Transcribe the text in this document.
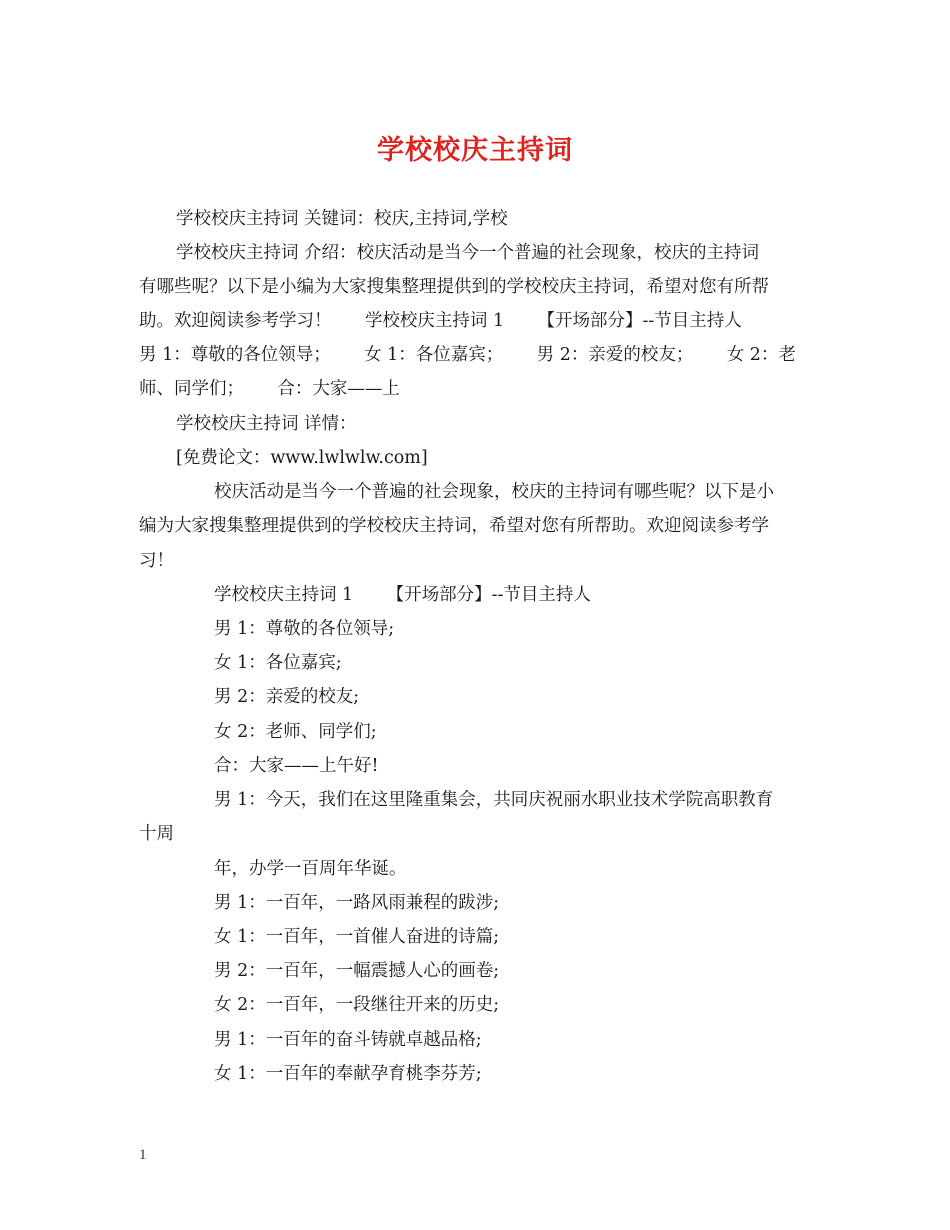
学校校庆主持词
学校校庆主持词 关键词：校庆,主持词,学校
学校校庆主持词 介绍：校庆活动是当今一个普遍的社会现象，校庆的主持词
有哪些呢？以下是小编为大家搜集整理提供到的学校校庆主持词，希望对您有所帮
助。欢迎阅读参考学习！      学校校庆主持词 1      【开场部分】--节目主持人
男 1：尊敬的各位领导；      女 1：各位嘉宾；      男 2：亲爱的校友；      女 2：老
师、同学们；      合：大家——上
学校校庆主持词 详情：
[免费论文：www.lwlwlw.com]
校庆活动是当今一个普遍的社会现象，校庆的主持词有哪些呢？以下是小
编为大家搜集整理提供到的学校校庆主持词，希望对您有所帮助。欢迎阅读参考学
习！
学校校庆主持词 1      【开场部分】--节目主持人
男 1：尊敬的各位领导;
女 1：各位嘉宾;
男 2：亲爱的校友;
女 2：老师、同学们;
合：大家——上午好!
男 1：今天，我们在这里隆重集会，共同庆祝丽水职业技术学院高职教育
十周
年，办学一百周年华诞。
男 1：一百年，一路风雨兼程的跋涉;
女 1：一百年，一首催人奋进的诗篇;
男 2：一百年，一幅震撼人心的画卷;
女 2：一百年，一段继往开来的历史;
男 1：一百年的奋斗铸就卓越品格;
女 1：一百年的奉献孕育桃李芬芳;
1
